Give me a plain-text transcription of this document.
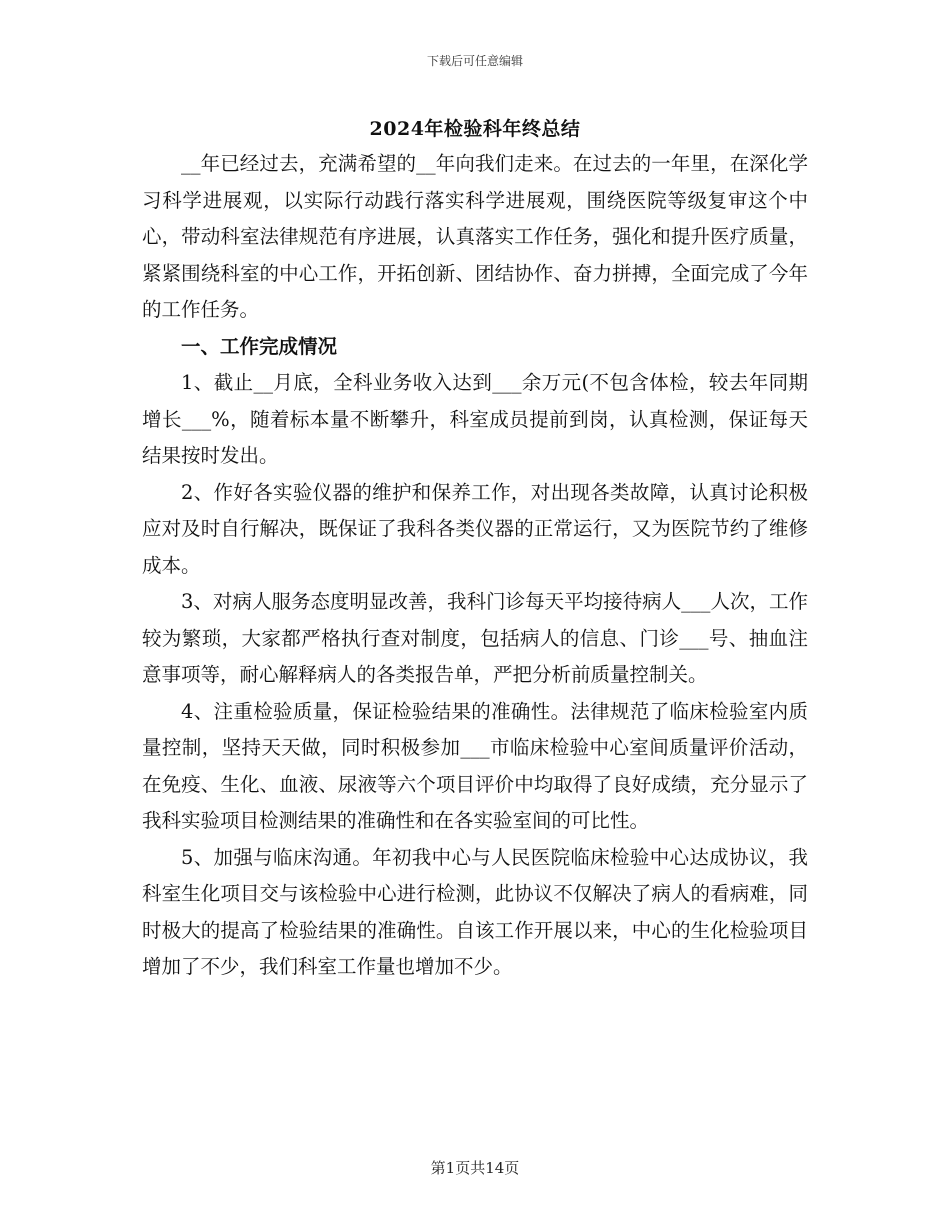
下载后可任意编辑
2024年检验科年终总结

__年已经过去，充满希望的__年向我们走来。在过去的一年里，在深化学习科学进展观，以实际行动践行落实科学进展观，围绕医院等级复审这个中心，带动科室法律规范有序进展，认真落实工作任务，强化和提升医疗质量，紧紧围绕科室的中心工作，开拓创新、团结协作、奋力拼搏，全面完成了今年的工作任务。

一、工作完成情况

1、截止__月底，全科业务收入达到___余万元(不包含体检，较去年同期增长___%，随着标本量不断攀升，科室成员提前到岗，认真检测，保证每天结果按时发出。

2、作好各实验仪器的维护和保养工作，对出现各类故障，认真讨论积极应对及时自行解决，既保证了我科各类仪器的正常运行，又为医院节约了维修成本。

3、对病人服务态度明显改善，我科门诊每天平均接待病人___人次，工作较为繁琐，大家都严格执行查对制度，包括病人的信息、门诊___号、抽血注意事项等，耐心解释病人的各类报告单，严把分析前质量控制关。

4、注重检验质量，保证检验结果的准确性。法律规范了临床检验室内质量控制，坚持天天做，同时积极参加___市临床检验中心室间质量评价活动，在免疫、生化、血液、尿液等六个项目评价中均取得了良好成绩，充分显示了我科实验项目检测结果的准确性和在各实验室间的可比性。

5、加强与临床沟通。年初我中心与人民医院临床检验中心达成协议，我科室生化项目交与该检验中心进行检测，此协议不仅解决了病人的看病难，同时极大的提高了检验结果的准确性。自该工作开展以来，中心的生化检验项目增加了不少，我们科室工作量也增加不少。

第1页共14页
